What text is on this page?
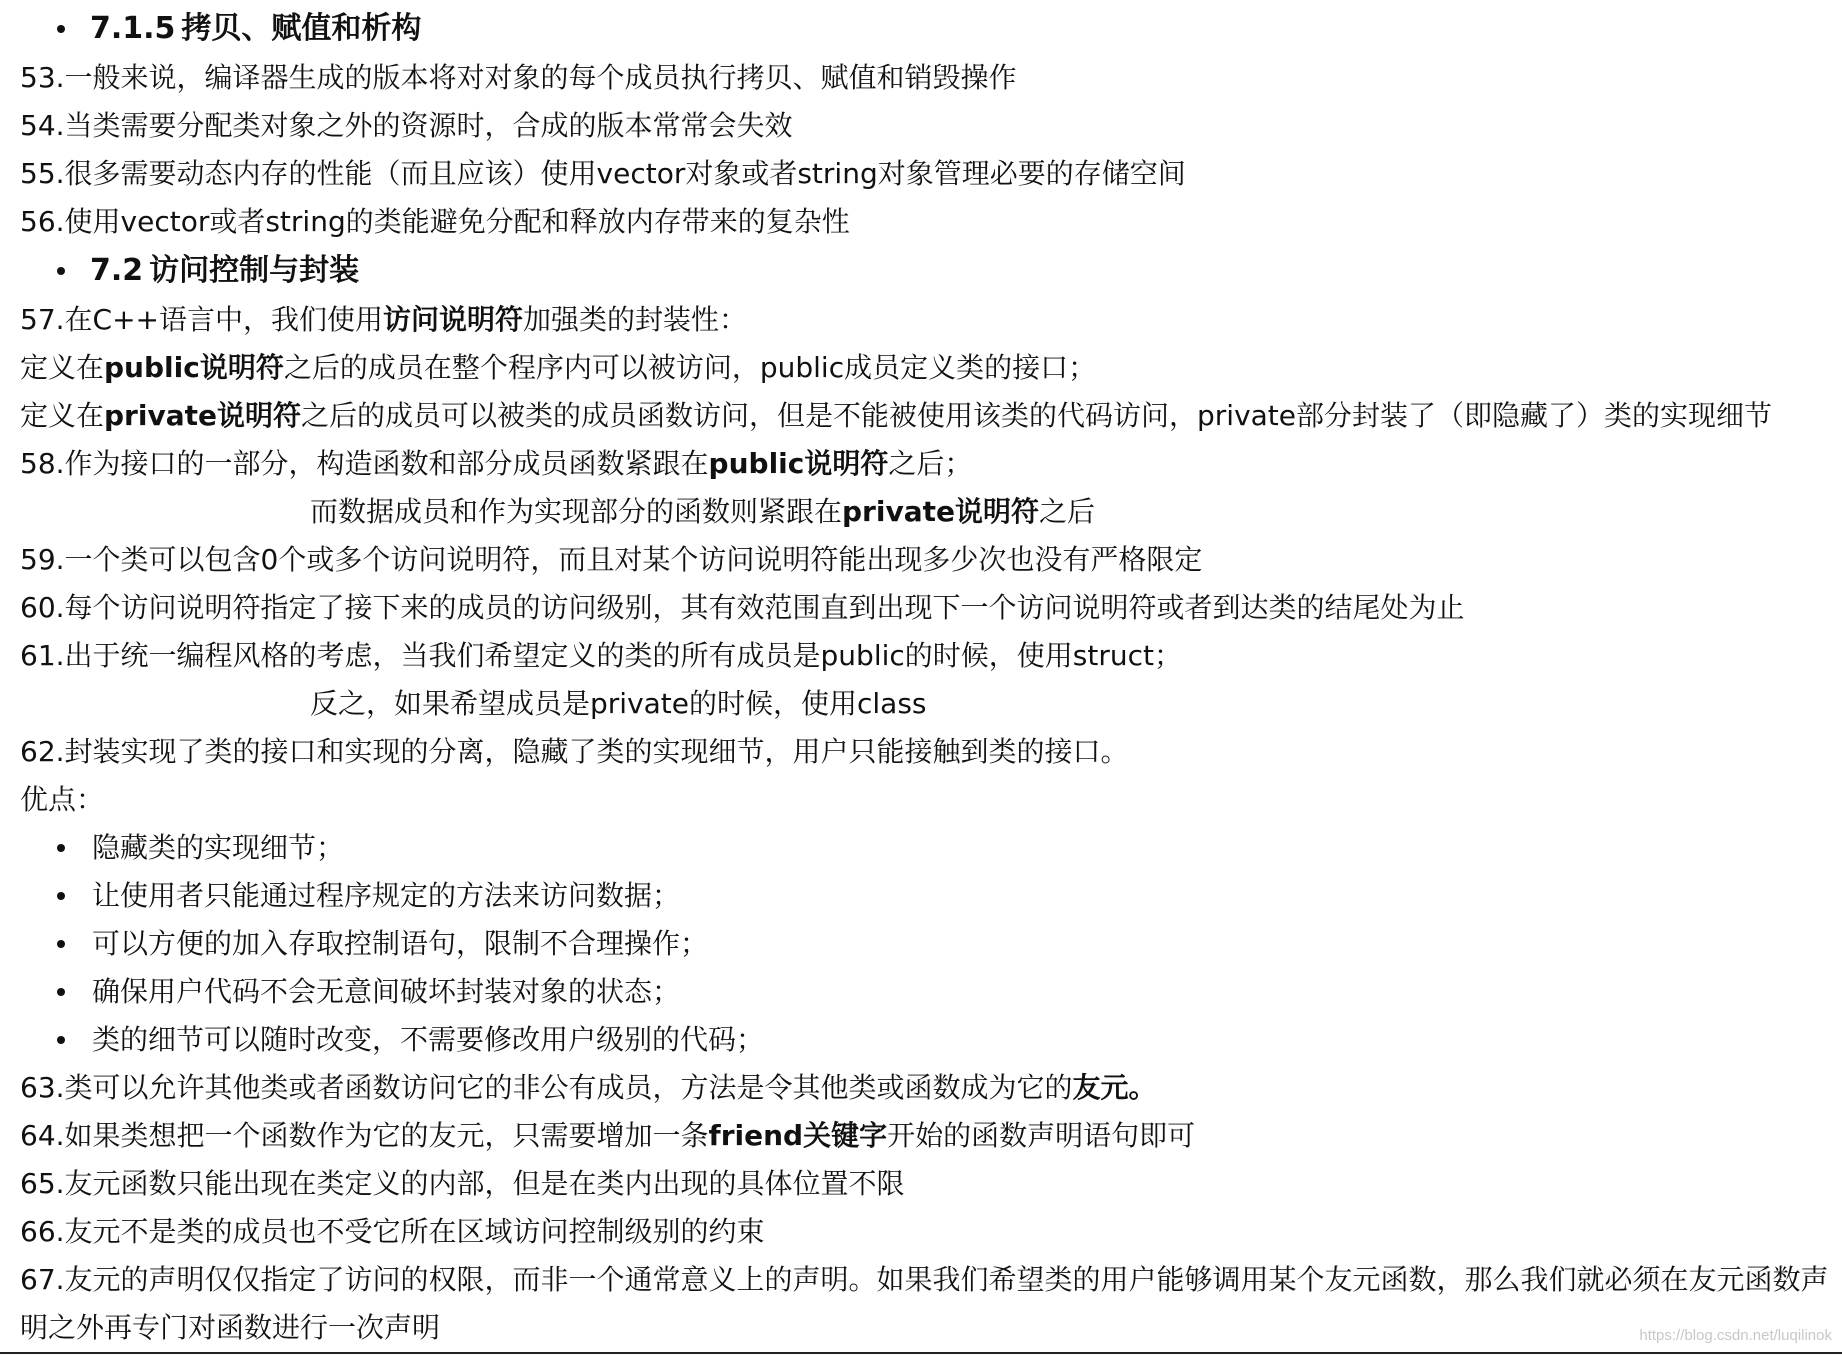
7.1.5 拷贝、赋值和析构
53.一般来说，编译器生成的版本将对对象的每个成员执行拷贝、赋值和销毁操作
54.当类需要分配类对象之外的资源时，合成的版本常常会失效
55.很多需要动态内存的性能（而且应该）使用vector对象或者string对象管理必要的存储空间
56.使用vector或者string的类能避免分配和释放内存带来的复杂性
7.2 访问控制与封装
57.在C++语言中，我们使用访问说明符加强类的封装性：
定义在public说明符之后的成员在整个程序内可以被访问，public成员定义类的接口；
定义在private说明符之后的成员可以被类的成员函数访问，但是不能被使用该类的代码访问，private部分封装了（即隐藏了）类的实现细节
58.作为接口的一部分，构造函数和部分成员函数紧跟在public说明符之后；
而数据成员和作为实现部分的函数则紧跟在private说明符之后
59.一个类可以包含0个或多个访问说明符，而且对某个访问说明符能出现多少次也没有严格限定
60.每个访问说明符指定了接下来的成员的访问级别，其有效范围直到出现下一个访问说明符或者到达类的结尾处为止
61.出于统一编程风格的考虑，当我们希望定义的类的所有成员是public的时候，使用struct；
反之，如果希望成员是private的时候，使用class
62.封装实现了类的接口和实现的分离，隐藏了类的实现细节，用户只能接触到类的接口。
优点：
隐藏类的实现细节；
让使用者只能通过程序规定的方法来访问数据；
可以方便的加入存取控制语句，限制不合理操作；
确保用户代码不会无意间破坏封装对象的状态；
类的细节可以随时改变，不需要修改用户级别的代码；
63.类可以允许其他类或者函数访问它的非公有成员，方法是令其他类或函数成为它的友元。
64.如果类想把一个函数作为它的友元，只需要增加一条friend关键字开始的函数声明语句即可
65.友元函数只能出现在类定义的内部，但是在类内出现的具体位置不限
66.友元不是类的成员也不受它所在区域访问控制级别的约束
67.友元的声明仅仅指定了访问的权限，而非一个通常意义上的声明。如果我们希望类的用户能够调用某个友元函数，那么我们就必须在友元函数声
明之外再专门对函数进行一次声明	https://blog.csdn.net/luqilinok
